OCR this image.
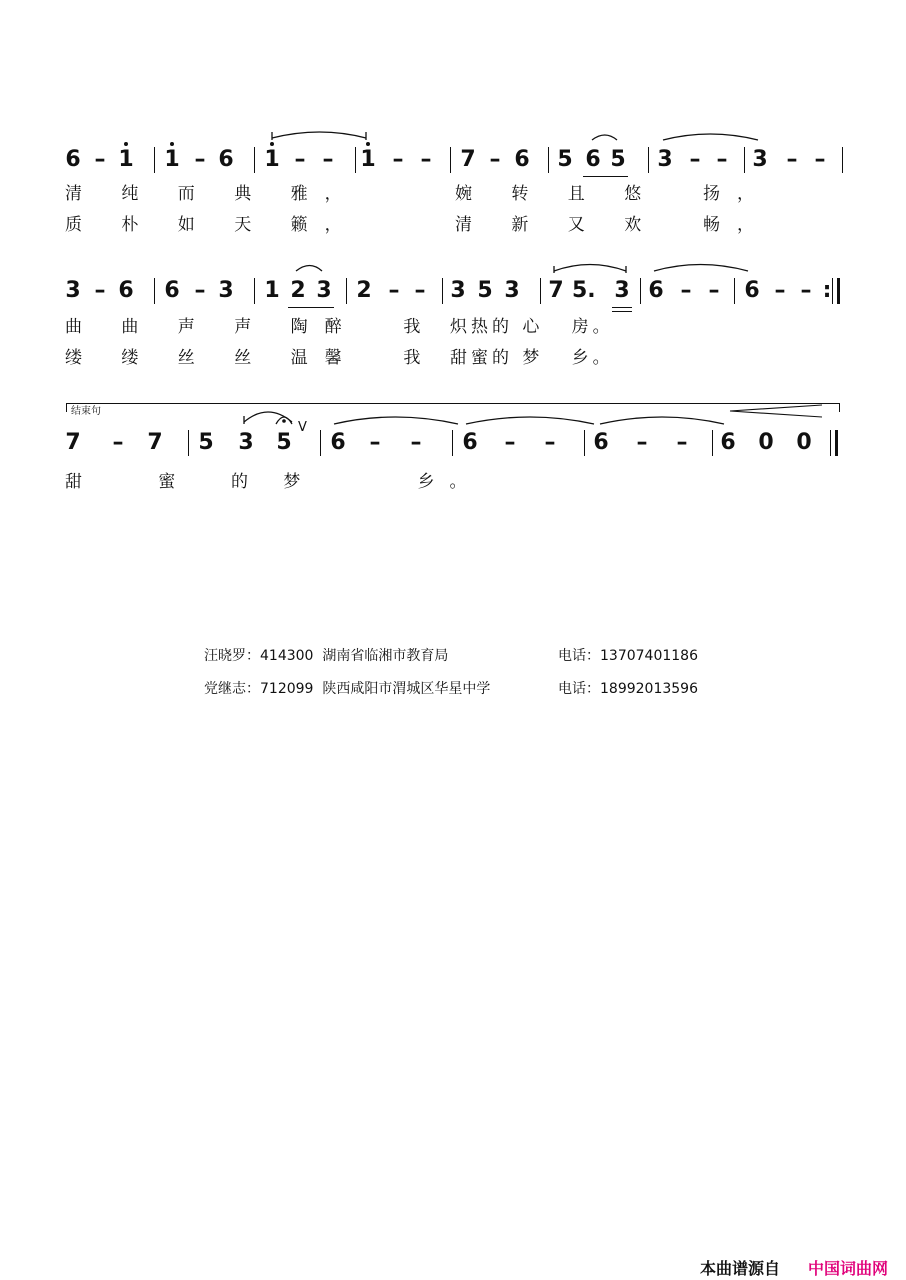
6 – 1 1 – 6 1 – – 1 – – 7 – 6 5 6 5 3 – – 3 – –
清 纯 而 典 雅，	婉 转 且 悠  扬，
质 朴 如 天 籁，	清 新 又 欢  畅，
3 – 6 6 – 3 1 2 3 2 – – 3 5 3 7 5. 3 6 – – 6 – – :
曲 曲 声 声 陶醉  我 炽热的 心   房。
缕 缕 丝 丝 温馨  我 甜蜜的 梦   乡。
结束句
7 – 7 5 3 5
V
6 – – 6 – – 6 – – 6 0 0
甜   蜜  的 梦     乡。
汪晓罗：414300  湖南省临湘市教育局	电话：13707401186
党继志：712099  陕西咸阳市渭城区华星中学	电话：18992013596
本曲谱源自 中国词曲网
